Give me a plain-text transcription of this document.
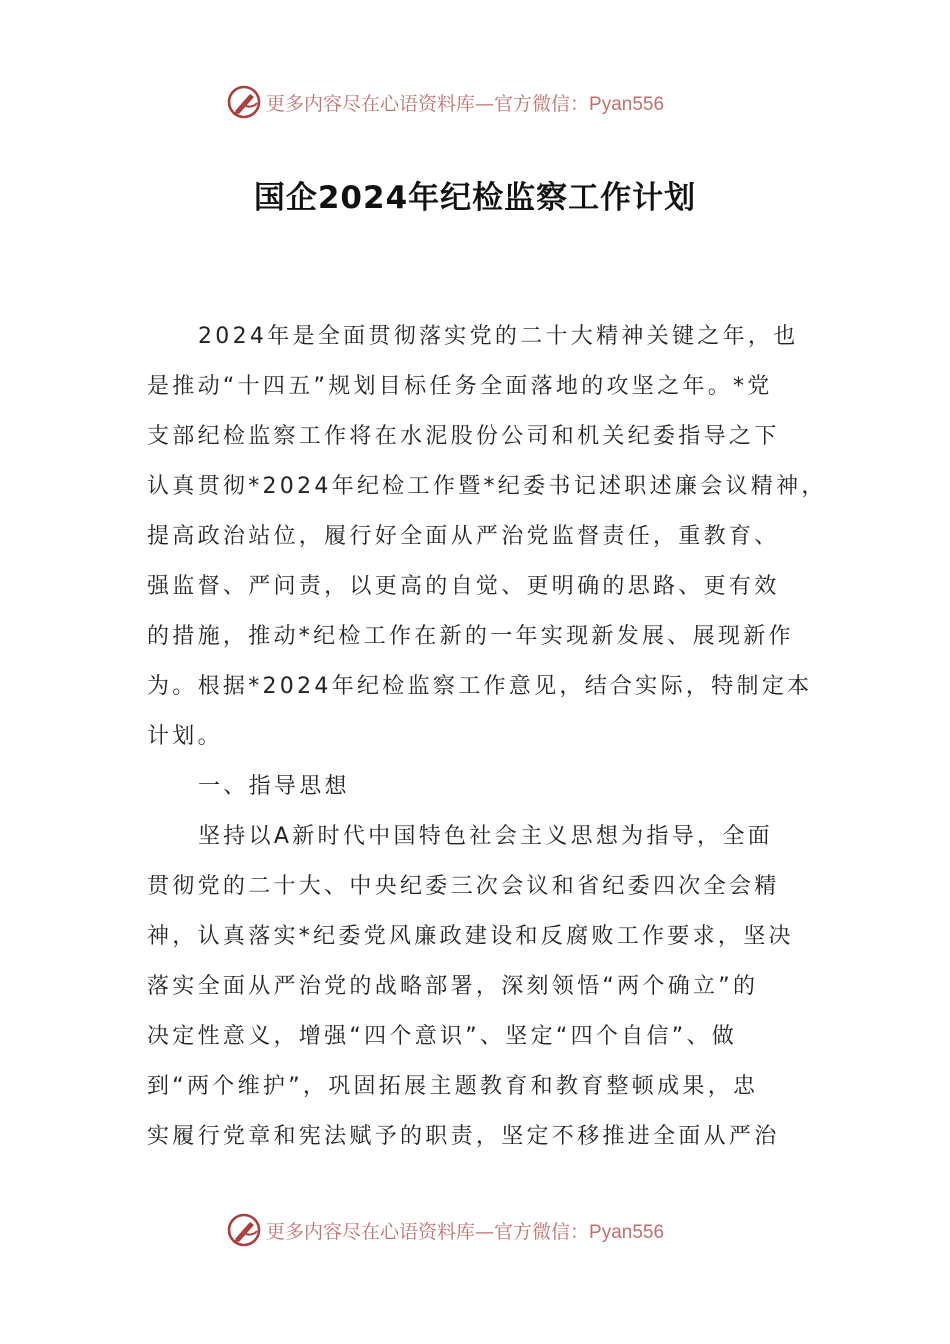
更多内容尽在心语资料库—官方微信：Pyan556
国企2024年纪检监察工作计划
2024年是全面贯彻落实党的二十大精神关键之年，也
是推动“十四五”规划目标任务全面落地的攻坚之年。*党
支部纪检监察工作将在水泥股份公司和机关纪委指导之下
认真贯彻*2024年纪检工作暨*纪委书记述职述廉会议精神，
提高政治站位，履行好全面从严治党监督责任，重教育、
强监督、严问责，以更高的自觉、更明确的思路、更有效
的措施，推动*纪检工作在新的一年实现新发展、展现新作
为。根据*2024年纪检监察工作意见，结合实际，特制定本
计划。
一、指导思想
坚持以A新时代中国特色社会主义思想为指导，全面
贯彻党的二十大、中央纪委三次会议和省纪委四次全会精
神，认真落实*纪委党风廉政建设和反腐败工作要求，坚决
落实全面从严治党的战略部署，深刻领悟“两个确立”的
决定性意义，增强“四个意识”、坚定“四个自信”、做
到“两个维护”，巩固拓展主题教育和教育整顿成果，忠
实履行党章和宪法赋予的职责，坚定不移推进全面从严治
更多内容尽在心语资料库—官方微信：Pyan556
